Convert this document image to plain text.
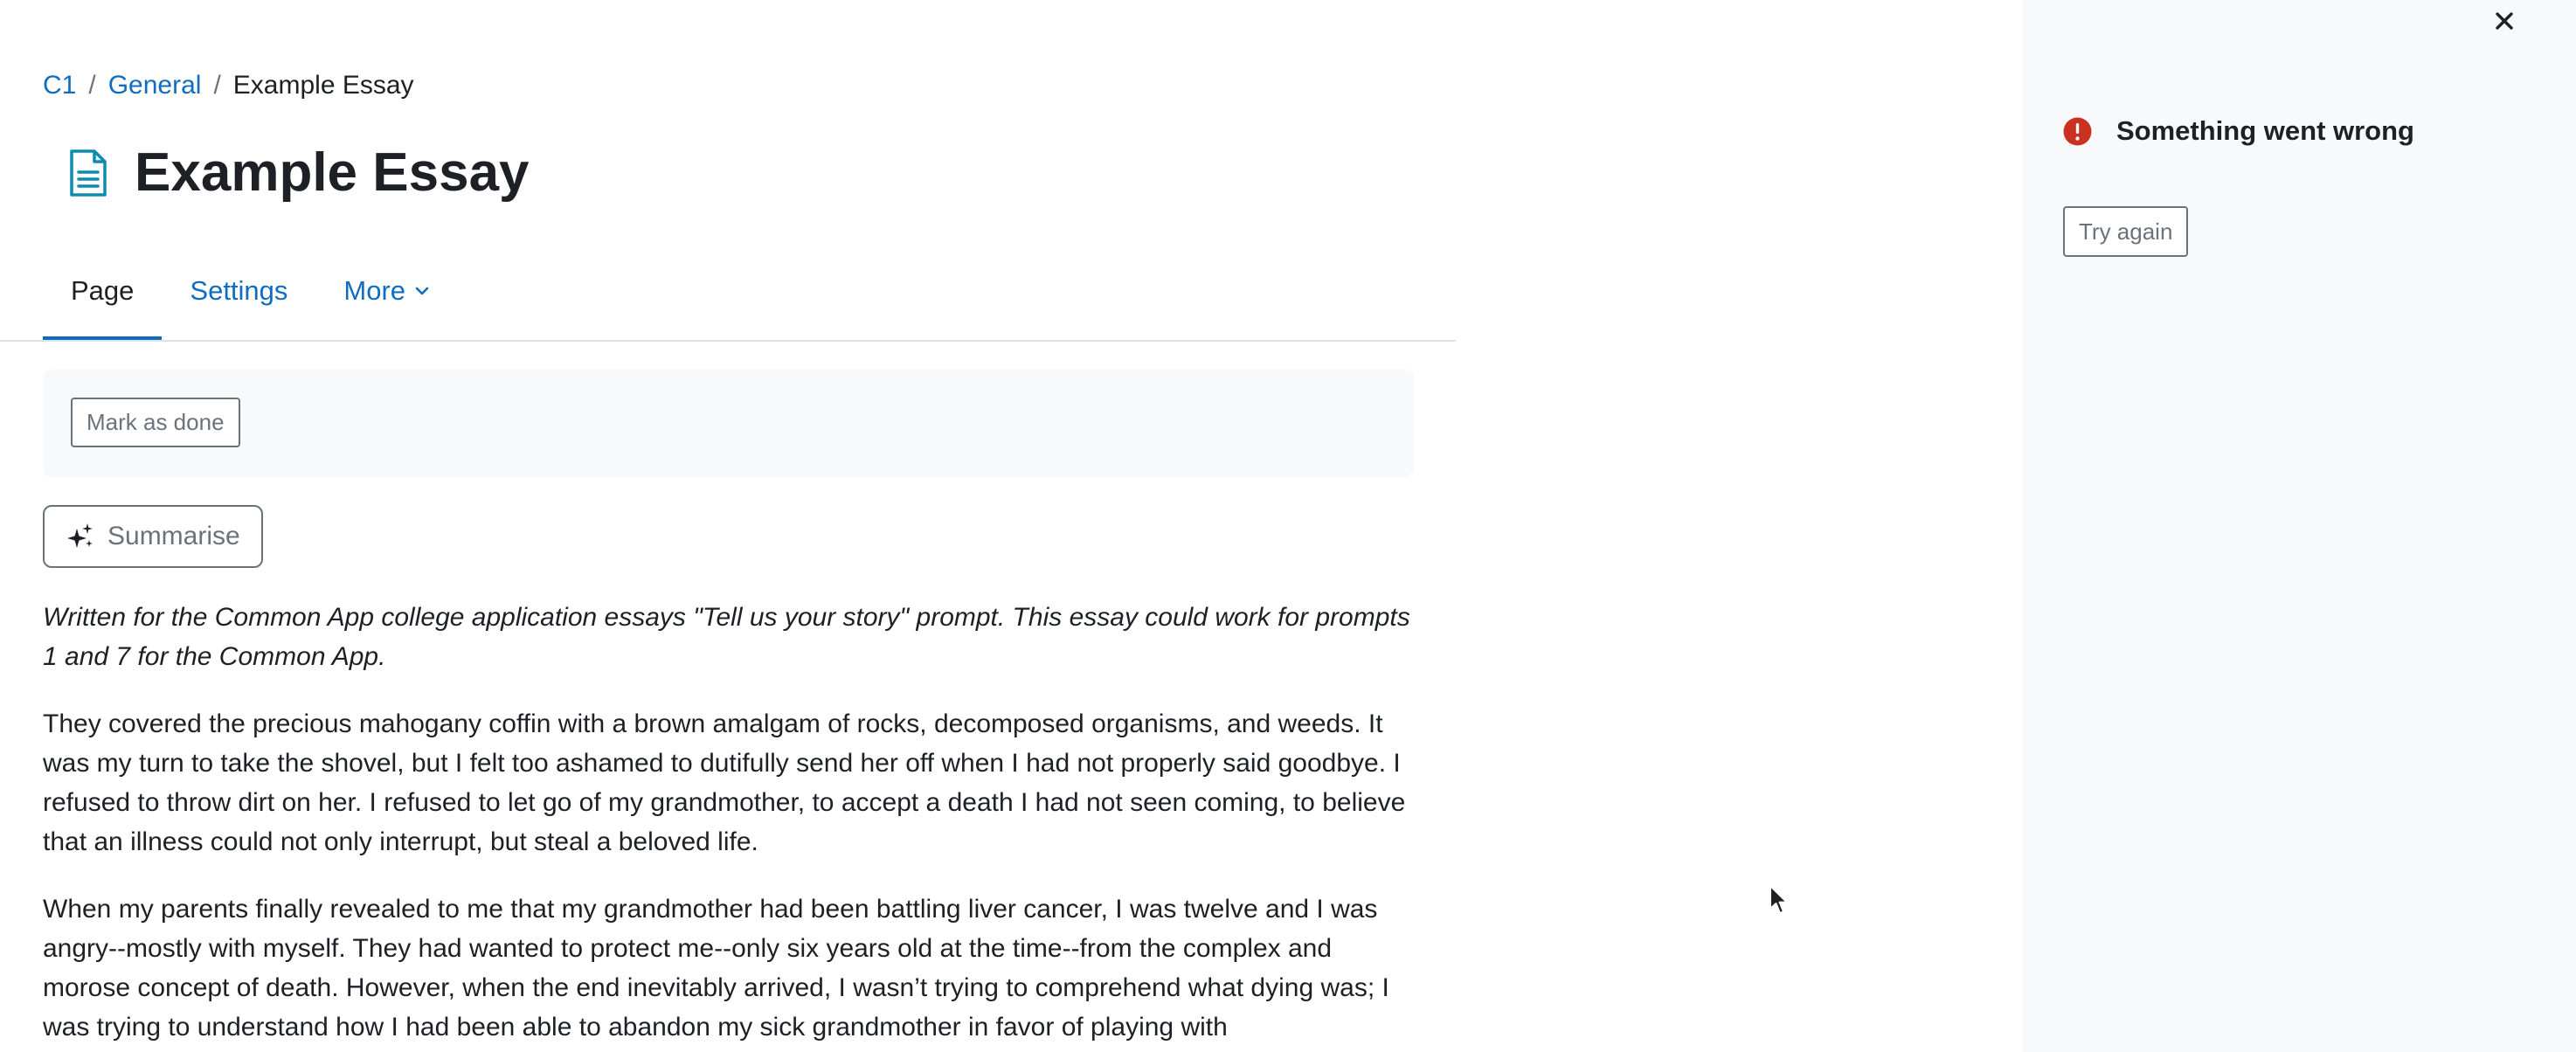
C1 / General / Example Essay
Example Essay
Page Settings More
Mark as done
Summarise

Written for the Common App college application essays "Tell us your story" prompt. This essay could work for prompts 1 and 7 for the Common App.

They covered the precious mahogany coffin with a brown amalgam of rocks, decomposed organisms, and weeds. It was my turn to take the shovel, but I felt too ashamed to dutifully send her off when I had not properly said goodbye. I refused to throw dirt on her. I refused to let go of my grandmother, to accept a death I had not seen coming, to believe that an illness could not only interrupt, but steal a beloved life.

When my parents finally revealed to me that my grandmother had been battling liver cancer, I was twelve and I was angry--mostly with myself. They had wanted to protect me--only six years old at the time--from the complex and morose concept of death. However, when the end inevitably arrived, I wasn’t trying to comprehend what dying was; I was trying to understand how I had been able to abandon my sick grandmother in favor of playing with

Something went wrong
Try again
